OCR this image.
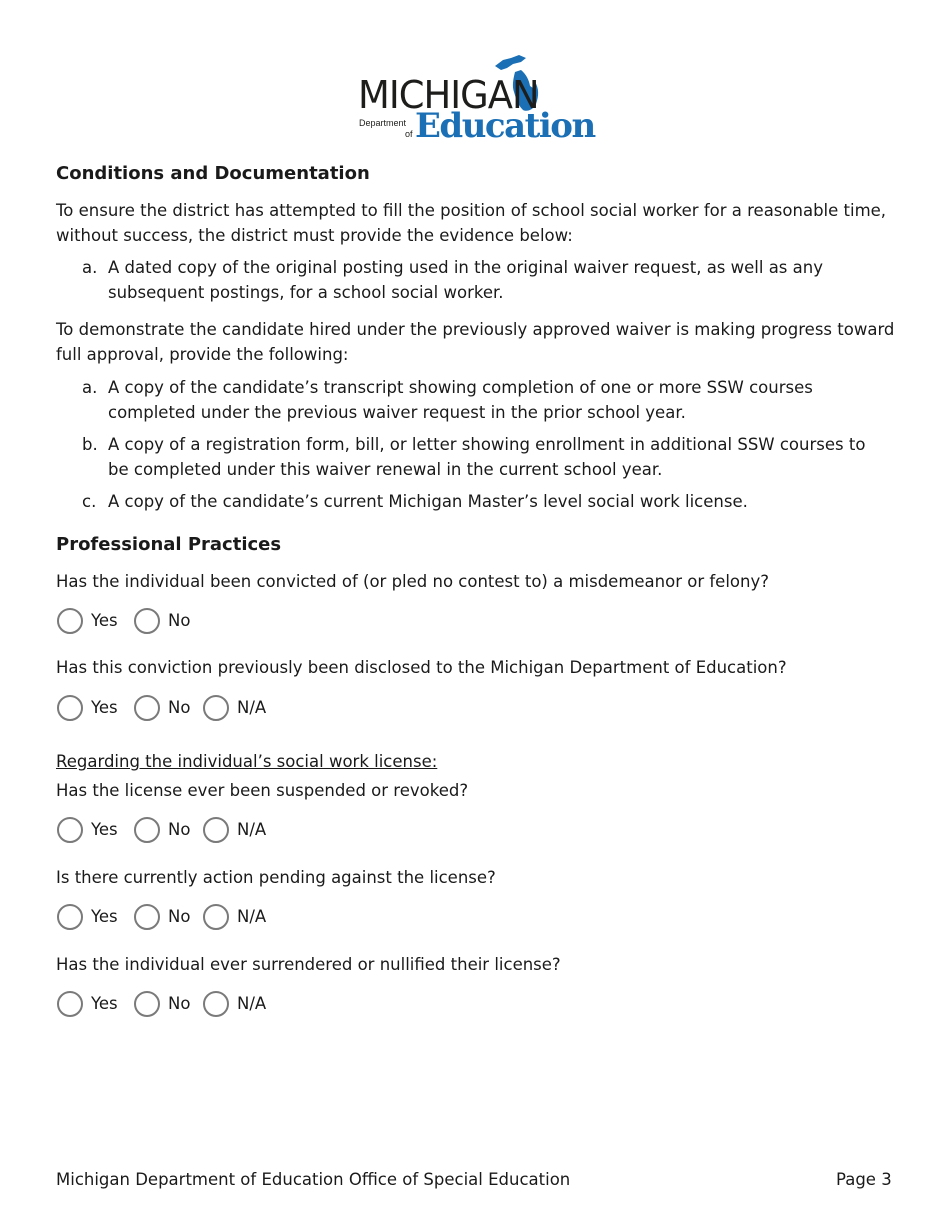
MICHIGAN
Department
of Education
Conditions and Documentation

To ensure the district has attempted to fill the position of school social worker for a reasonable time, without success, the district must provide the evidence below:

a. A dated copy of the original posting used in the original waiver request, as well as any subsequent postings, for a school social worker.

To demonstrate the candidate hired under the previously approved waiver is making progress toward full approval, provide the following:

a. A copy of the candidate’s transcript showing completion of one or more SSW courses completed under the previous waiver request in the prior school year.
b. A copy of a registration form, bill, or letter showing enrollment in additional SSW courses to be completed under this waiver renewal in the current school year.
c. A copy of the candidate’s current Michigan Master’s level social work license.
Professional Practices
Has the individual been convicted of (or pled no contest to) a misdemeanor or felony?
Yes	No
Has this conviction previously been disclosed to the Michigan Department of Education?
Yes	No	N/A
Regarding the individual’s social work license:
Has the license ever been suspended or revoked?
Yes	No	N/A
Is there currently action pending against the license?
Yes	No	N/A
Has the individual ever surrendered or nullified their license?
Yes	No	N/A
Michigan Department of Education Office of Special Education	Page 3
